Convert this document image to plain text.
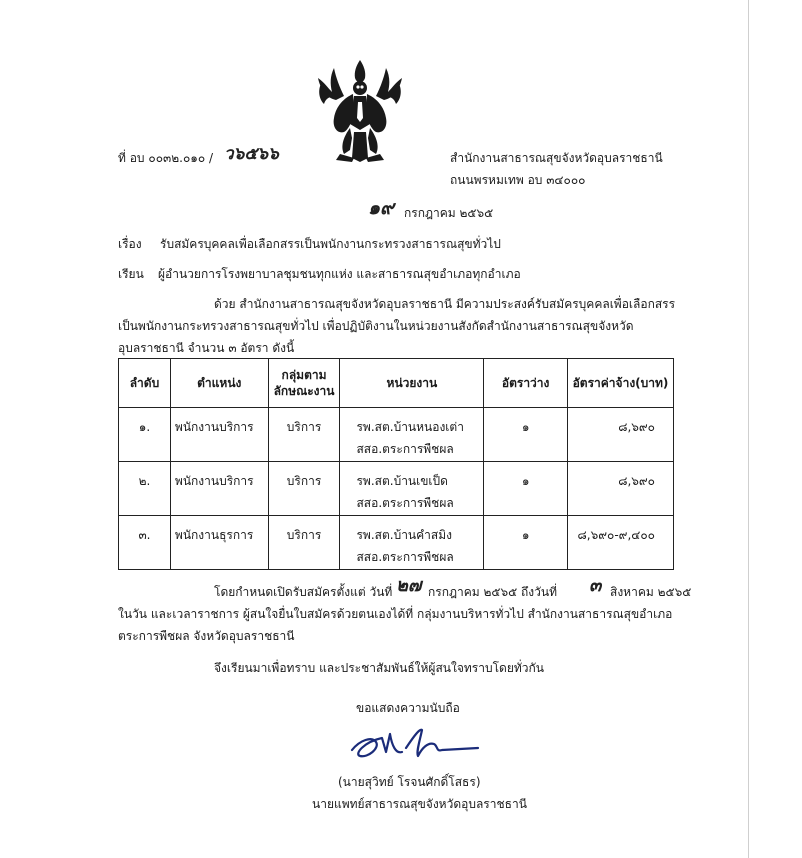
ที่ อบ ๐๐๓๒.๐๑๐ / ว๖๕๖๖	สำนักงานสาธารณสุขจังหวัดอุบลราชธานี
ถนนพรหมเทพ อบ ๓๔๐๐๐
๑๙ กรกฎาคม ๒๕๖๕
เรื่อง รับสมัครบุคคลเพื่อเลือกสรรเป็นพนักงานกระทรวงสาธารณสุขทั่วไป
เรียน ผู้อำนวยการโรงพยาบาลชุมชนทุกแห่ง และสาธารณสุขอำเภอทุกอำเภอ
ด้วย สำนักงานสาธารณสุขจังหวัดอุบลราชธานี มีความประสงค์รับสมัครบุคคลเพื่อเลือกสรร
เป็นพนักงานกระทรวงสาธารณสุขทั่วไป เพื่อปฏิบัติงานในหน่วยงานสังกัดสำนักงานสาธารณสุขจังหวัด
อุบลราชธานี จำนวน ๓ อัตรา ดังนี้
ลำดับ	ตำแหน่ง	กลุ่มตาม ลักษณะงาน	หน่วยงาน	อัตราว่าง	อัตราค่าจ้าง(บาท)
๑.	พนักงานบริการ	บริการ	รพ.สต.บ้านหนองเต่า
สสอ.ตระการพืชผล	๑	๘,๖๙๐
๒.	พนักงานบริการ	บริการ	รพ.สต.บ้านเขเป็ด
สสอ.ตระการพืชผล	๑	๘,๖๙๐
๓.	พนักงานธุรการ	บริการ	รพ.สต.บ้านคำสมิง
สสอ.ตระการพืชผล	๑	๘,๖๙๐-๙,๔๐๐
โดยกำหนดเปิดรับสมัครตั้งแต่ วันที่ ๒๗ กรกฎาคม ๒๕๖๕ ถึงวันที่ ๓ สิงหาคม ๒๕๖๕
ในวัน และเวลาราชการ ผู้สนใจยื่นใบสมัครด้วยตนเองได้ที่ กลุ่มงานบริหารทั่วไป สำนักงานสาธารณสุขอำเภอ
ตระการพืชผล จังหวัดอุบลราชธานี
จึงเรียนมาเพื่อทราบ และประชาสัมพันธ์ให้ผู้สนใจทราบโดยทั่วกัน
ขอแสดงความนับถือ
(นายสุวิทย์ โรจนศักดิ์โสธร)
นายแพทย์สาธารณสุขจังหวัดอุบลราชธานี
